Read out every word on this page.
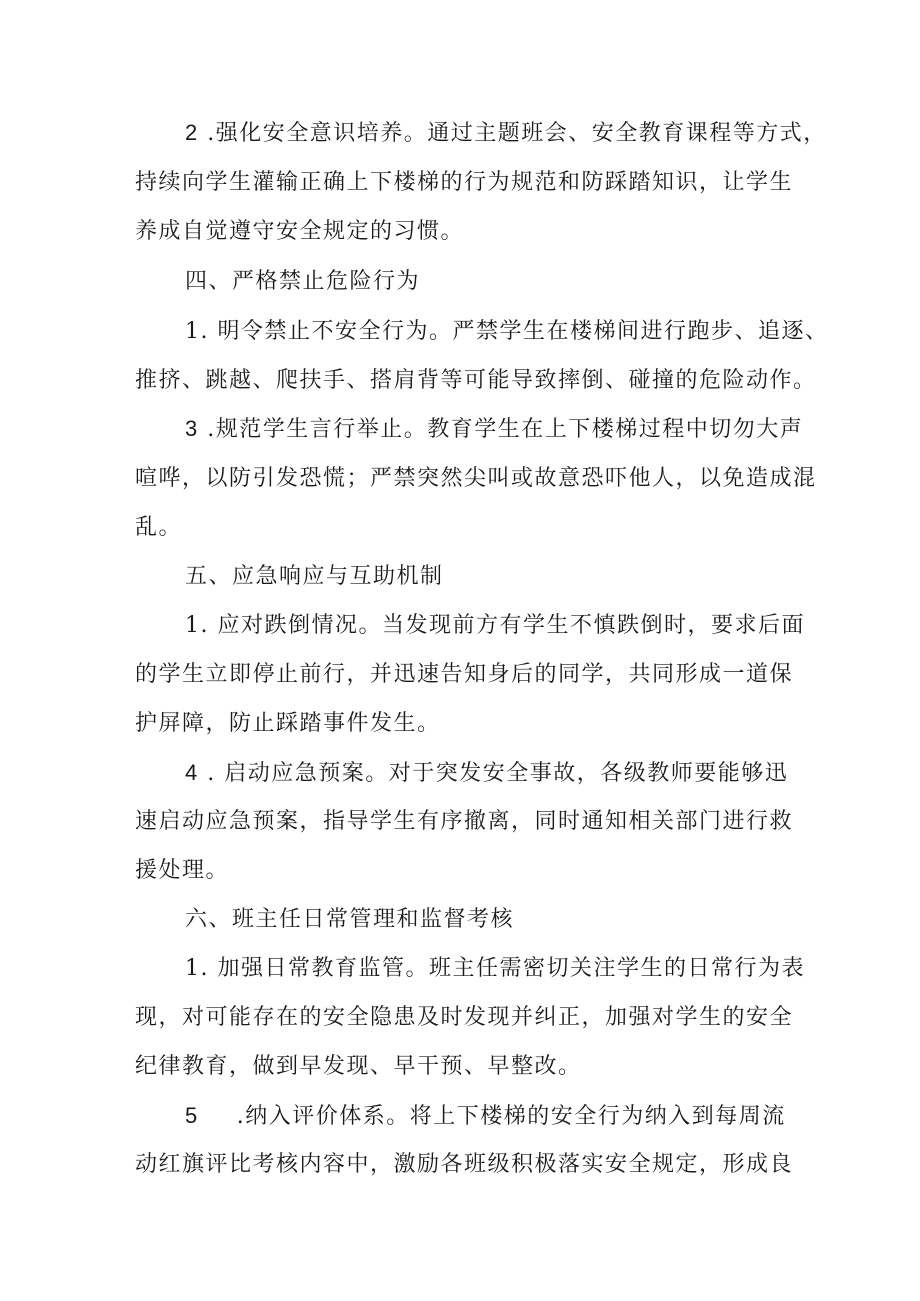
2 .强化安全意识培养。通过主题班会、安全教育课程等方式，
持续向学生灌输正确上下楼梯的行为规范和防踩踏知识，让学生
养成自觉遵守安全规定的习惯。
四、严格禁止危险行为
1. 明令禁止不安全行为。严禁学生在楼梯间进行跑步、追逐、
推挤、跳越、爬扶手、搭肩背等可能导致摔倒、碰撞的危险动作。
3 .规范学生言行举止。教育学生在上下楼梯过程中切勿大声
喧哗，以防引发恐慌；严禁突然尖叫或故意恐吓他人，以免造成混
乱。
五、应急响应与互助机制
1. 应对跌倒情况。当发现前方有学生不慎跌倒时，要求后面
的学生立即停止前行，并迅速告知身后的同学，共同形成一道保
护屏障，防止踩踏事件发生。
4 . 启动应急预案。对于突发安全事故，各级教师要能够迅
速启动应急预案，指导学生有序撤离，同时通知相关部门进行救
援处理。
六、班主任日常管理和监督考核
1. 加强日常教育监管。班主任需密切关注学生的日常行为表
现，对可能存在的安全隐患及时发现并纠正，加强对学生的安全
纪律教育，做到早发现、早干预、早整改。
5 .纳入评价体系。将上下楼梯的安全行为纳入到每周流
动红旗评比考核内容中，激励各班级积极落实安全规定，形成良
